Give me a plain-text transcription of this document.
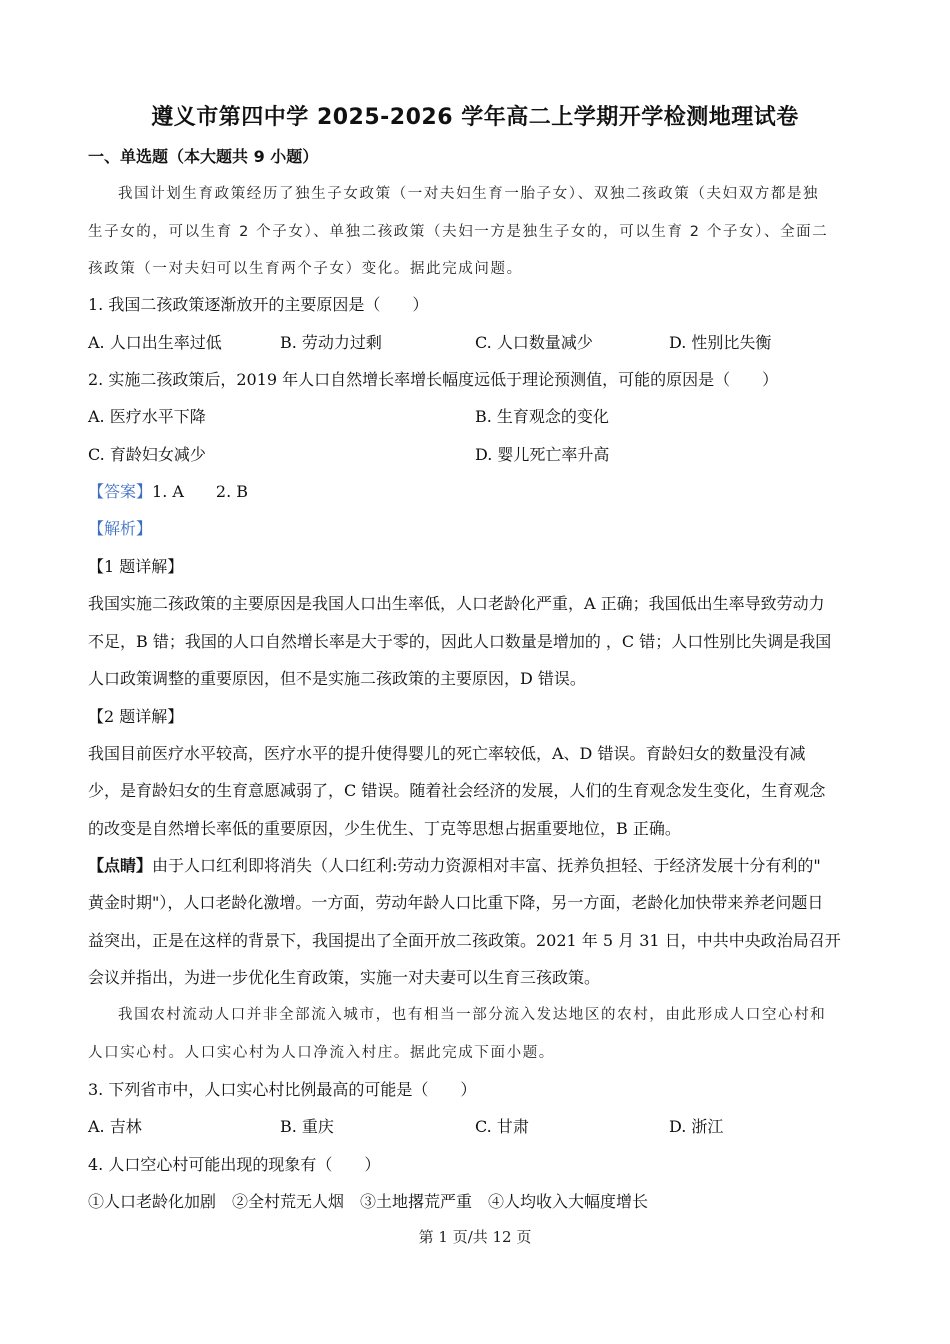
遵义市第四中学 2025-2026 学年高二上学期开学检测地理试卷
一、单选题（本大题共 9 小题）
我国计划生育政策经历了独生子女政策（一对夫妇生育一胎子女）、双独二孩政策（夫妇双方都是独
生子女的，可以生育 2 个子女）、单独二孩政策（夫妇一方是独生子女的，可以生育 2 个子女）、全面二
孩政策（一对夫妇可以生育两个子女）变化。据此完成问题。
1. 我国二孩政策逐渐放开的主要原因是（　　）
A. 人口出生率过低	B. 劳动力过剩	C. 人口数量减少	D. 性别比失衡
2. 实施二孩政策后，2019 年人口自然增长率增长幅度远低于理论预测值，可能的原因是（　　）
A. 医疗水平下降	B. 生育观念的变化
C. 育龄妇女减少	D. 婴儿死亡率升高
【答案】1. A　　2. B
【解析】
【1 题详解】
我国实施二孩政策的主要原因是我国人口出生率低，人口老龄化严重，A 正确；我国低出生率导致劳动力
不足，B 错；我国的人口自然增长率是大于零的，因此人口数量是增加的 ，C 错；人口性别比失调是我国
人口政策调整的重要原因，但不是实施二孩政策的主要原因，D 错误。
【2 题详解】
我国目前医疗水平较高，医疗水平的提升使得婴儿的死亡率较低，A、D 错误。育龄妇女的数量没有减
少，是育龄妇女的生育意愿减弱了，C 错误。随着社会经济的发展，人们的生育观念发生变化，生育观念
的改变是自然增长率低的重要原因，少生优生、丁克等思想占据重要地位，B 正确。
【点睛】由于人口红利即将消失（人口红利:劳动力资源相对丰富、抚养负担轻、于经济发展十分有利的"
黄金时期"），人口老龄化激增。一方面，劳动年龄人口比重下降，另一方面，老龄化加快带来养老问题日
益突出，正是在这样的背景下，我国提出了全面开放二孩政策。2021 年 5 月 31 日，中共中央政治局召开
会议并指出，为进一步优化生育政策，实施一对夫妻可以生育三孩政策。
我国农村流动人口并非全部流入城市，也有相当一部分流入发达地区的农村，由此形成人口空心村和
人口实心村。人口实心村为人口净流入村庄。据此完成下面小题。
3. 下列省市中，人口实心村比例最高的可能是（　　）
A. 吉林	B. 重庆	C. 甘肃	D. 浙江
4. 人口空心村可能出现的现象有（　　）
①人口老龄化加剧　②全村荒无人烟　③土地撂荒严重　④人均收入大幅度增长
第 1 页/共 12 页
